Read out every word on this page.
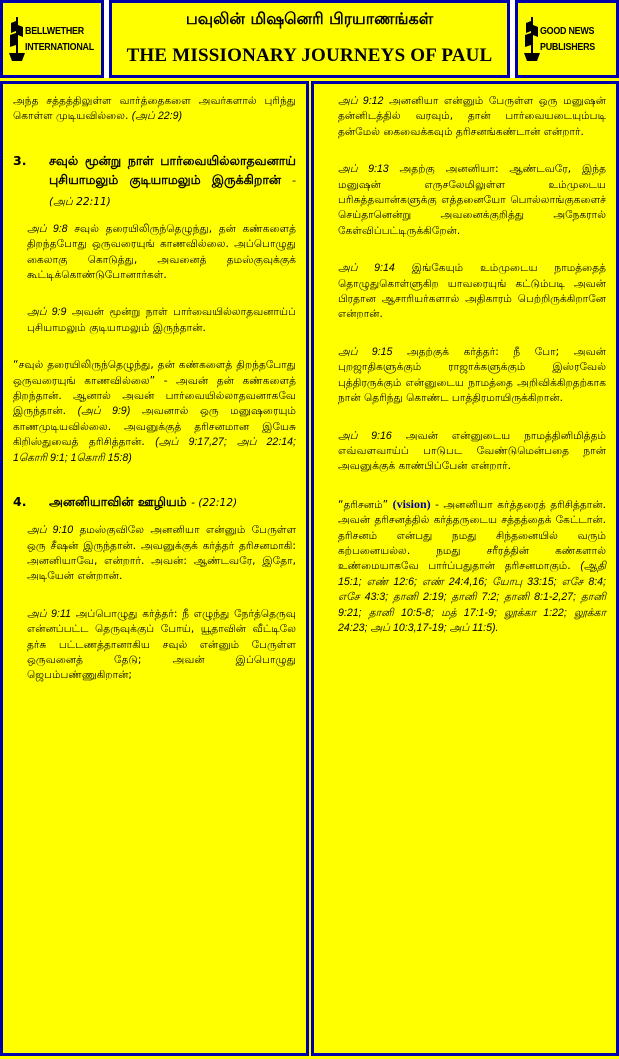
BELLWETHER
INTERNATIONAL
பவுலின் மிஷனெரி பிரயாணங்கள்
THE MISSIONARY JOURNEYS OF PAUL
GOOD NEWS
PUBLISHERS
அந்த சத்தத்திலுள்ள வார்த்தைகளை அவர்களால் புரிந்து கொள்ள முடியவில்லை. (அப் 22:9)
3.	சவுல் மூன்று நாள் பார்வையில்லாதவனாய் புசியாமலும் குடியாமலும் இருக்கிறான் - (அப் 22:11)
அப் 9:8 சவுல் தரையிலிருந்தெழுந்து, தன் கண்களைத் திறந்தபோது ஒருவரையுங் காணவில்லை. அப்பொழுது கைலாகு கொடுத்து, அவனைத் தமஸ்குவுக்குக் கூட்டிக்கொண்டுபோனார்கள்.
அப் 9:9 அவன் மூன்று நாள் பார்வையில்லாதவனாய்ப் புசியாமலும் குடியாமலும் இருந்தான்.
“சவுல் தரையிலிருந்தெழுந்து, தன் கண்களைத் திறந்தபோது ஒருவரையுங் காணவில்லை” - அவன் தன் கண்களைத் திறந்தான். ஆனால் அவன் பார்வையில்லாதவனாகவே இருந்தான். (அப் 9:9) அவனால் ஒரு மனுஷரையும் காணமுடியவில்லை. அவனுக்குத் தரிசனமான இயேசு கிறிஸ்துவைத் தரிசித்தான். (அப் 9:17,27; அப் 22:14; 1கொரி 9:1; 1கொரி 15:8)
4.	அனனியாவின் ஊழியம் - (22:12)
அப் 9:10 தமஸ்குவிலே அனனியா என்னும் பேருள்ள ஒரு சீஷன் இருந்தான். அவனுக்குக் கர்த்தர் தரிசனமாகி: அனனியாவே, என்றார். அவன்: ஆண்டவரே, இதோ, அடியேன் என்றான்.
அப் 9:11 அப்பொழுது கர்த்தர்: நீ எழுந்து நேர்த்தெருவு என்னப்பட்ட தெருவுக்குப் போய், யூதாவின் வீட்டிலே தர்சு பட்டணத்தானாகிய சவுல் என்னும் பேருள்ள ஒருவனைத் தேடு; அவன் இப்பொழுது ஜெபம்பண்ணுகிறான்;
அப் 9:12 அனனியா என்னும் பேருள்ள ஒரு மனுஷன் தன்னிடத்தில் வரவும், தான் பார்வையடையும்படி தன்மேல் கைவைக்கவும் தரிசனங்கண்டான் என்றார்.
அப் 9:13 அதற்கு அனனியா: ஆண்டவரே, இந்த மனுஷன் எருசலேமிலுள்ள உம்முடைய பரிசுத்தவான்களுக்கு எத்தனையோ பொல்லாங்குகளைச் செய்தானென்று அவனைக்குறித்து அநேகரால் கேள்விப்பட்டிருக்கிறேன்.
அப் 9:14 இங்கேயும் உம்முடைய நாமத்தைத் தொழுதுகொள்ளுகிற யாவரையுங் கட்டும்படி அவன் பிரதான ஆசாரியர்களால் அதிகாரம் பெற்றிருக்கிறானே என்றான்.
அப் 9:15 அதற்குக் கர்த்தர்: நீ போ; அவன் புறஜாதிகளுக்கும் ராஜாக்களுக்கும் இஸ்ரவேல் புத்திரருக்கும் என்னுடைய நாமத்தை அறிவிக்கிறதற்காக நான் தெரிந்து கொண்ட பாத்திரமாயிருக்கிறான்.
அப் 9:16 அவன் என்னுடைய நாமத்தினிமித்தம் எவ்வளவாய்ப் பாடுபட வேண்டுமென்பதை நான் அவனுக்குக் காண்பிப்பேன் என்றார்.
“தரிசனம்” (vision) - அனனியா கர்த்தரைத் தரிசித்தான். அவன் தரிசனத்தில் கர்த்தருடைய சத்தத்தைக் கேட்டான். தரிசனம் என்பது நமது சிந்தனையில் வரும் கற்பனையல்ல. நமது சரீரத்தின் கண்களால் உண்மையாகவே பார்ப்பதுதான் தரிசனமாகும். (ஆதி 15:1; எண் 12:6; எண் 24:4,16; யோபு 33:15; எசே 8:4; எசே 43:3; தானி 2:19; தானி 7:2; தானி 8:1-2,27; தானி 9:21; தானி 10:5-8; மத் 17:1-9; லூக்கா 1:22; லூக்கா 24:23; அப் 10:3,17-19; அப் 11:5).
